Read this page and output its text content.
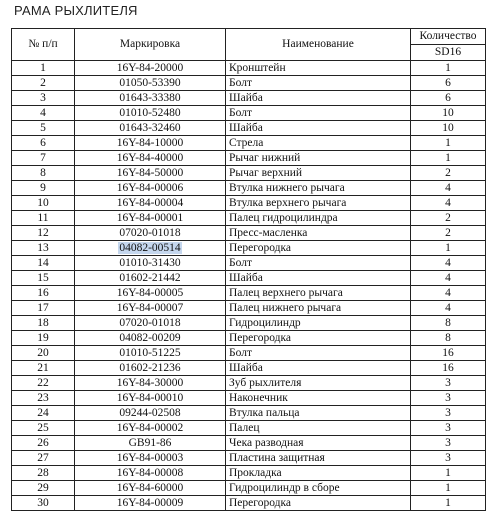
РАМА РЫХЛИТЕЛЯ
№ п/п	Маркировка	Наименование	Количество
			SD16
1	16Y-84-20000	Кронштейн	1
2	01050-53390	Болт	6
3	01643-33380	Шайба	6
4	01010-52480	Болт	10
5	01643-32460	Шайба	10
6	16Y-84-10000	Стрела	1
7	16Y-84-40000	Рычаг нижний	1
8	16Y-84-50000	Рычаг верхний	2
9	16Y-84-00006	Втулка нижнего рычага	4
10	16Y-84-00004	Втулка верхнего рычага	4
11	16Y-84-00001	Палец гидроцилиндра	2
12	07020-01018	Пресс-масленка	2
13	04082-00514	Перегородка	1
14	01010-31430	Болт	4
15	01602-21442	Шайба	4
16	16Y-84-00005	Палец верхнего рычага	4
17	16Y-84-00007	Палец нижнего рычага	4
18	07020-01018	Гидроцилиндр	8
19	04082-00209	Перегородка	8
20	01010-51225	Болт	16
21	01602-21236	Шайба	16
22	16Y-84-30000	Зуб рыхлителя	3
23	16Y-84-00010	Наконечник	3
24	09244-02508	Втулка пальца	3
25	16Y-84-00002	Палец	3
26	GB91-86	Чека разводная	3
27	16Y-84-00003	Пластина защитная	3
28	16Y-84-00008	Прокладка	1
29	16Y-84-60000	Гидроцилиндр в сборе	1
30	16Y-84-00009	Перегородка	1
